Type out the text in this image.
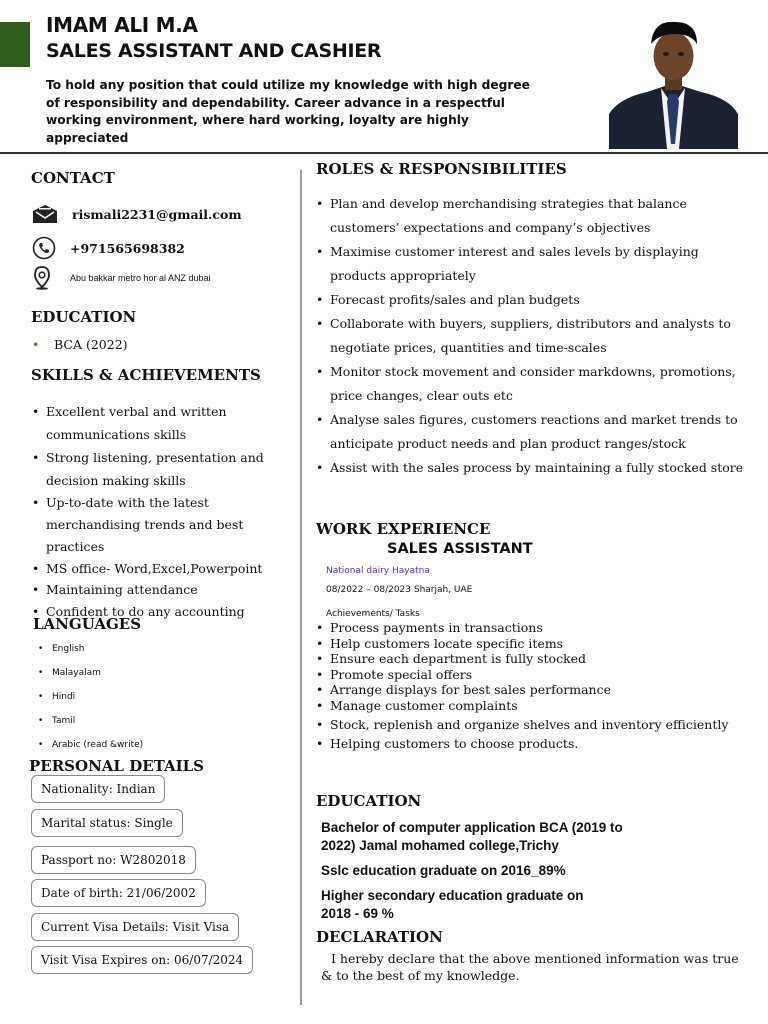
IMAM ALI M.A
SALES ASSISTANT AND CASHIER
To hold any position that could utilize my knowledge with high degree of responsibility and dependability. Career advance in a respectful working environment, where hard working, loyalty are highly appreciated
CONTACT
rismali2231@gmail.com
+971565698382
Abu bakkar metro hor al ANZ dubai
EDUCATION
• BCA (2022)
SKILLS & ACHIEVEMENTS
• Excellent verbal and written communications skills
• Strong listening, presentation and decision making skills
• Up-to-date with the latest merchandising trends and best practices
• MS office- Word,Excel,Powerpoint
• Maintaining attendance
• Confident to do any accounting
LANGUAGES
• English
• Malayalam
• Hindi
• Tamil
• Arabic (read &write)
PERSONAL DETAILS
Nationality: Indian
Marital status: Single
Passport no: W2802018
Date of birth: 21/06/2002
Current Visa Details: Visit Visa
Visit Visa Expires on: 06/07/2024
ROLES & RESPONSIBILITIES
• Plan and develop merchandising strategies that balance customers’ expectations and company’s objectives
• Maximise customer interest and sales levels by displaying products appropriately
• Forecast profits/sales and plan budgets
• Collaborate with buyers, suppliers, distributors and analysts to negotiate prices, quantities and time-scales
• Monitor stock movement and consider markdowns, promotions, price changes, clear outs etc
• Analyse sales figures, customers reactions and market trends to anticipate product needs and plan product ranges/stock
• Assist with the sales process by maintaining a fully stocked store
WORK EXPERIENCE
SALES ASSISTANT
National dairy Hayatna
08/2022 – 08/2023 Sharjah, UAE
Achievements/ Tasks
• Process payments in transactions
• Help customers locate specific items
• Ensure each department is fully stocked
• Promote special offers
• Arrange displays for best sales performance
• Manage customer complaints
• Stock, replenish and organize shelves and inventory efficiently
• Helping customers to choose products.
EDUCATION
Bachelor of computer application BCA (2019 to 2022) Jamal mohamed college,Trichy
Sslc education graduate on 2016_89%
Higher secondary education graduate on 2018 - 69 %
DECLARATION
I hereby declare that the above mentioned information was true & to the best of my knowledge.
